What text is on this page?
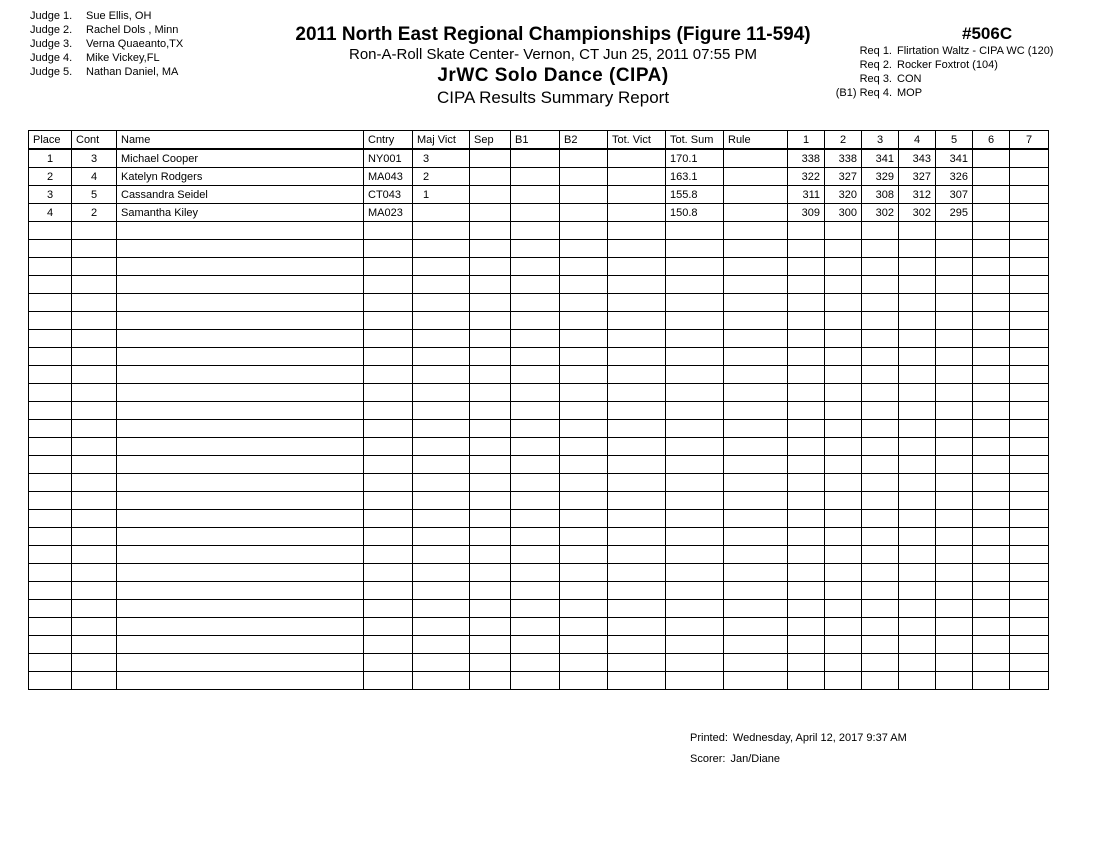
Judge 1. Sue Ellis, OH
Judge 2. Rachel Dols , Minn
Judge 3. Verna Quaeanto,TX
Judge 4. Mike Vickey,FL
Judge 5. Nathan Daniel, MA
2011 North East Regional Championships (Figure 11-594)
Ron-A-Roll Skate Center- Vernon, CT Jun 25, 2011 07:55 PM
JrWC Solo Dance (CIPA)
CIPA Results Summary Report
#506C
Req 1. Flirtation Waltz - CIPA WC (120)
Req 2. Rocker Foxtrot (104)
Req 3. CON
(B1) Req 4. MOP
Place	Cont	Name	Cntry	Maj Vict	Sep	B1	B2	Tot. Vict	Tot. Sum	Rule	1	2	3	4	5	6	7
1	3	Michael Cooper	NY001	3					170.1		338	338	341	343	341		
2	4	Katelyn Rodgers	MA043	2					163.1		322	327	329	327	326		
3	5	Cassandra Seidel	CT043	1					155.8		311	320	308	312	307		
4	2	Samantha Kiley	MA023						150.8		309	300	302	302	295		

Printed: Wednesday, April 12, 2017 9:37 AM
Scorer: Jan/Diane
